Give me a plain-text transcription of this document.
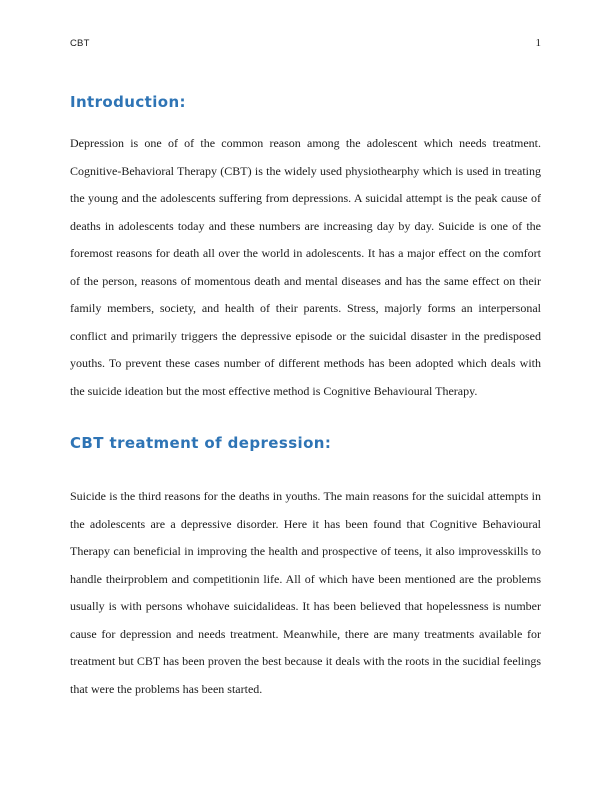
CBT	1
Introduction:

Depression is one of of the common reason among the adolescent which needs treatment. Cognitive-Behavioral Therapy (CBT) is the widely used physiothearphy which is used in treating the young and the adolescents suffering from depressions. A suicidal attempt is the peak cause of deaths in adolescents today and these numbers are increasing day by day. Suicide is one of the foremost reasons for death all over the world in adolescents. It has a major effect on the comfort of the person, reasons of momentous death and mental diseases and has the same effect on their family members, society, and health of their parents. Stress, majorly forms an interpersonal conflict and primarily triggers the depressive episode or the suicidal disaster in the predisposed youths. To prevent these cases number of different methods has been adopted which deals with the suicide ideation but the most effective method is Cognitive Behavioural Therapy.

CBT treatment of depression:

Suicide is the third reasons for the deaths in youths. The main reasons for the suicidal attempts in the adolescents are a depressive disorder. Here it has been found that Cognitive Behavioural Therapy can beneficial in improving the health and prospective of teens, it also improvesskills to handle theirproblem and competitionin life. All of which have been mentioned are the problems usually is with persons whohave suicidalideas. It has been believed that hopelessness is number cause for depression and needs treatment. Meanwhile, there are many treatments available for treatment but CBT has been proven the best because it deals with the roots in the sucidial feelings that were the problems has been started.
